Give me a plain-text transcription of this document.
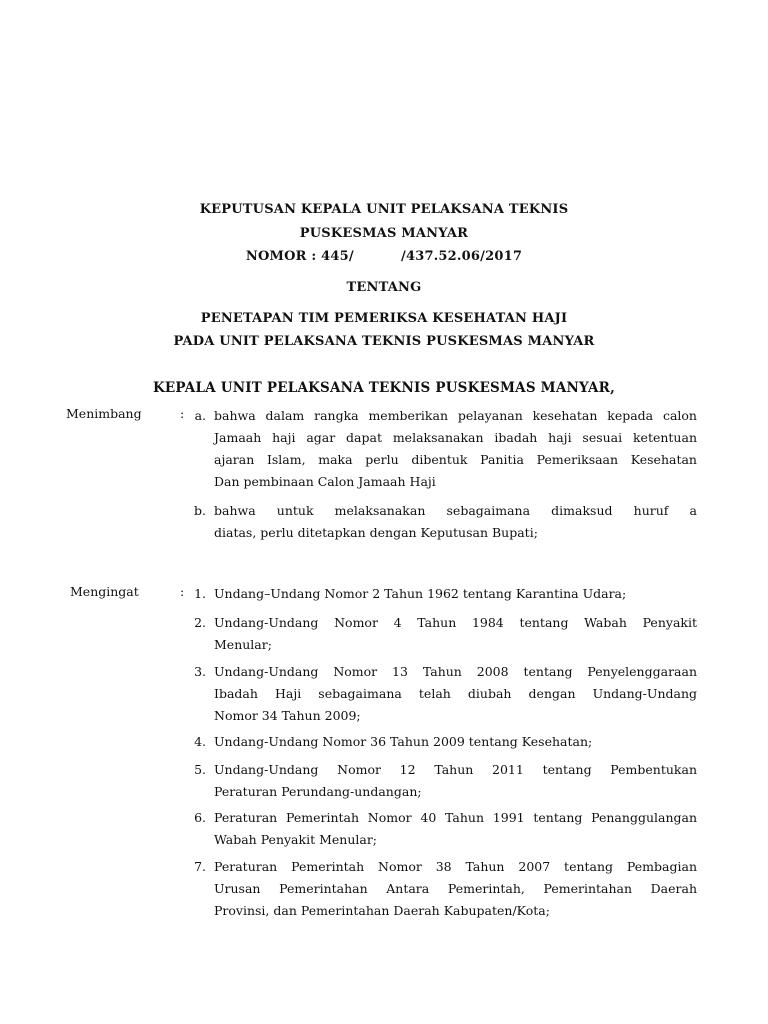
KEPUTUSAN KEPALA UNIT PELAKSANA TEKNIS
PUSKESMAS MANYAR
NOMOR : 445/          /437.52.06/2017
TENTANG
PENETAPAN TIM PEMERIKSA KESEHATAN HAJI
PADA UNIT PELAKSANA TEKNIS PUSKESMAS MANYAR
KEPALA UNIT PELAKSANA TEKNIS PUSKESMAS MANYAR,
Menimbang	: a. bahwa dalam rangka memberikan pelayanan kesehatan kepada calon
Jamaah haji agar dapat melaksanakan ibadah haji sesuai ketentuan
ajaran Islam, maka perlu dibentuk Panitia Pemeriksaan Kesehatan
Dan pembinaan Calon Jamaah Haji
b. bahwa untuk melaksanakan sebagaimana dimaksud huruf a
diatas, perlu ditetapkan dengan Keputusan Bupati;
Mengingat	: 1. Undang–Undang Nomor 2 Tahun 1962 tentang Karantina Udara;
2. Undang-Undang Nomor 4 Tahun 1984 tentang Wabah Penyakit
Menular;
3. Undang-Undang Nomor 13 Tahun 2008 tentang Penyelenggaraan
Ibadah Haji sebagaimana telah diubah dengan Undang-Undang
Nomor 34 Tahun 2009;
4. Undang-Undang Nomor 36 Tahun 2009 tentang Kesehatan;
5. Undang-Undang Nomor 12 Tahun 2011 tentang Pembentukan
Peraturan Perundang-undangan;
6. Peraturan Pemerintah Nomor 40 Tahun 1991 tentang Penanggulangan
Wabah Penyakit Menular;
7. Peraturan Pemerintah Nomor 38 Tahun 2007 tentang Pembagian
Urusan Pemerintahan Antara Pemerintah, Pemerintahan Daerah
Provinsi, dan Pemerintahan Daerah Kabupaten/Kota;
